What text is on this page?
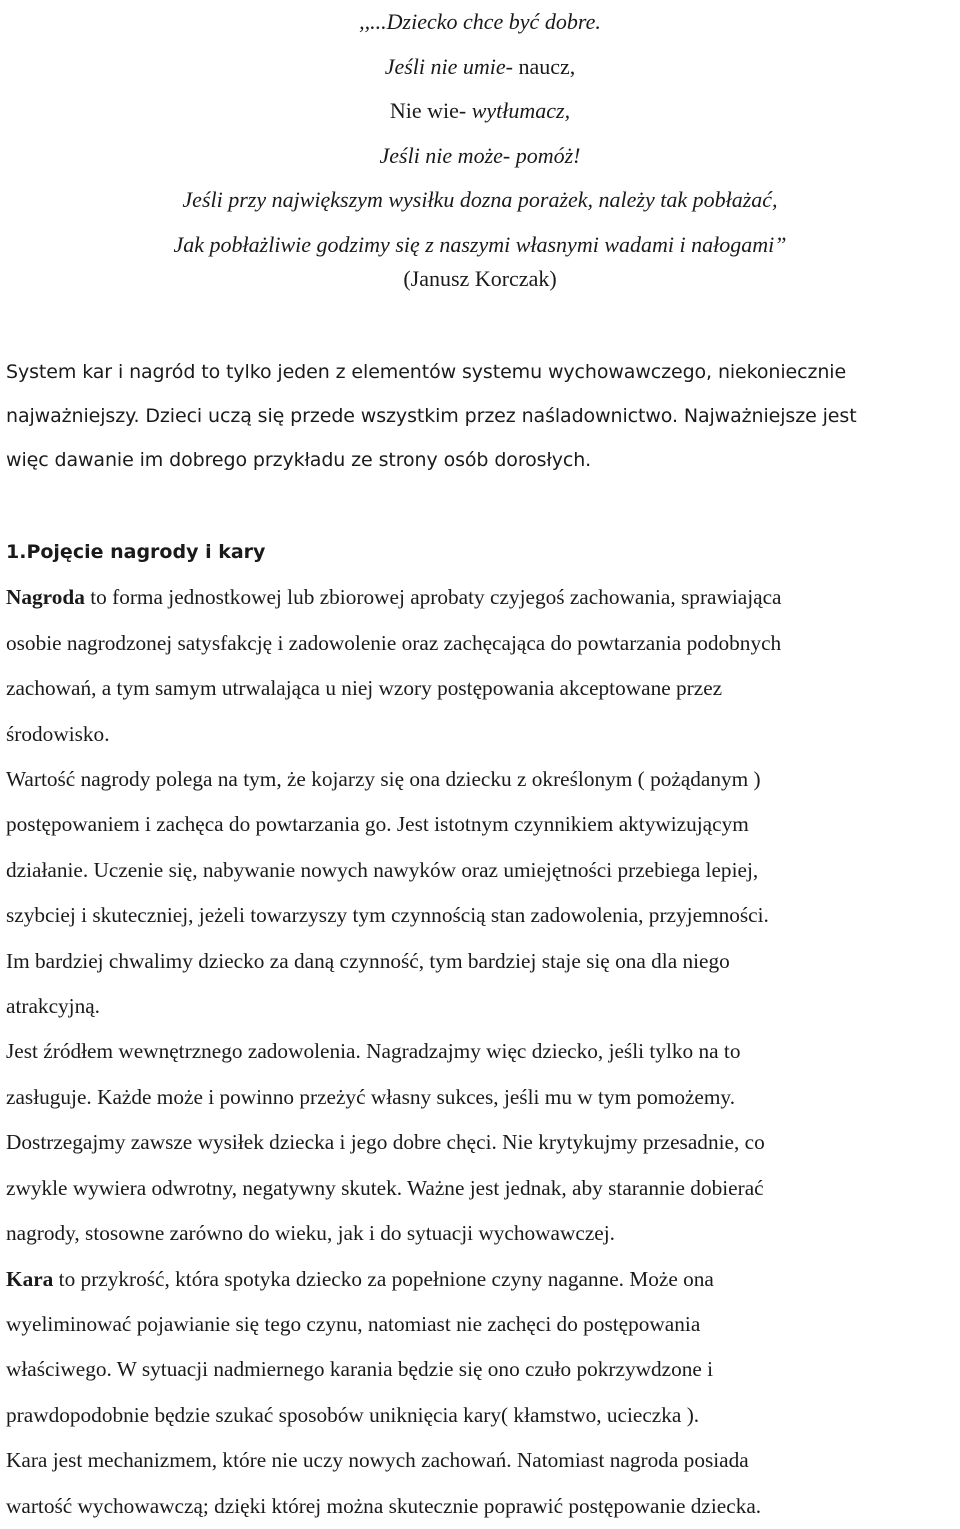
,,...Dziecko chce być dobre.
Jeśli nie umie- naucz,
Nie wie- wytłumacz,
Jeśli nie może- pomóż!
Jeśli przy największym wysiłku dozna porażek, należy tak pobłażać,
Jak pobłażliwie godzimy się z naszymi własnymi wadami i nałogami”
(Janusz Korczak)
System kar i nagród to tylko jeden z elementów systemu wychowawczego, niekoniecznie
najważniejszy. Dzieci uczą się przede wszystkim przez naśladownictwo. Najważniejsze jest
więc dawanie im dobrego przykładu ze strony osób dorosłych.
1.Pojęcie nagrody i kary
Nagroda to forma jednostkowej lub zbiorowej aprobaty czyjegoś zachowania, sprawiająca
osobie nagrodzonej satysfakcję i zadowolenie oraz zachęcająca do powtarzania podobnych
zachowań, a tym samym utrwalająca u niej wzory postępowania akceptowane przez
środowisko.
Wartość nagrody polega na tym, że kojarzy się ona dziecku z określonym ( pożądanym )
postępowaniem i zachęca do powtarzania go. Jest istotnym czynnikiem aktywizującym
działanie. Uczenie się, nabywanie nowych nawyków oraz umiejętności przebiega lepiej,
szybciej i skuteczniej, jeżeli towarzyszy tym czynnością stan zadowolenia, przyjemności.
Im bardziej chwalimy dziecko za daną czynność, tym bardziej staje się ona dla niego
atrakcyjną.
Jest źródłem wewnętrznego zadowolenia. Nagradzajmy więc dziecko, jeśli tylko na to
zasługuje. Każde może i powinno przeżyć własny sukces, jeśli mu w tym pomożemy.
Dostrzegajmy zawsze wysiłek dziecka i jego dobre chęci. Nie krytykujmy przesadnie, co
zwykle wywiera odwrotny, negatywny skutek. Ważne jest jednak, aby starannie dobierać
nagrody, stosowne zarówno do wieku, jak i do sytuacji wychowawczej.
Kara to przykrość, która spotyka dziecko za popełnione czyny naganne. Może ona
wyeliminować pojawianie się tego czynu, natomiast nie zachęci do postępowania
właściwego. W sytuacji nadmiernego karania będzie się ono czuło pokrzywdzone i
prawdopodobnie będzie szukać sposobów uniknięcia kary( kłamstwo, ucieczka ).
Kara jest mechanizmem, które nie uczy nowych zachowań. Natomiast nagroda posiada
wartość wychowawczą; dzięki której można skutecznie poprawić postępowanie dziecka.
